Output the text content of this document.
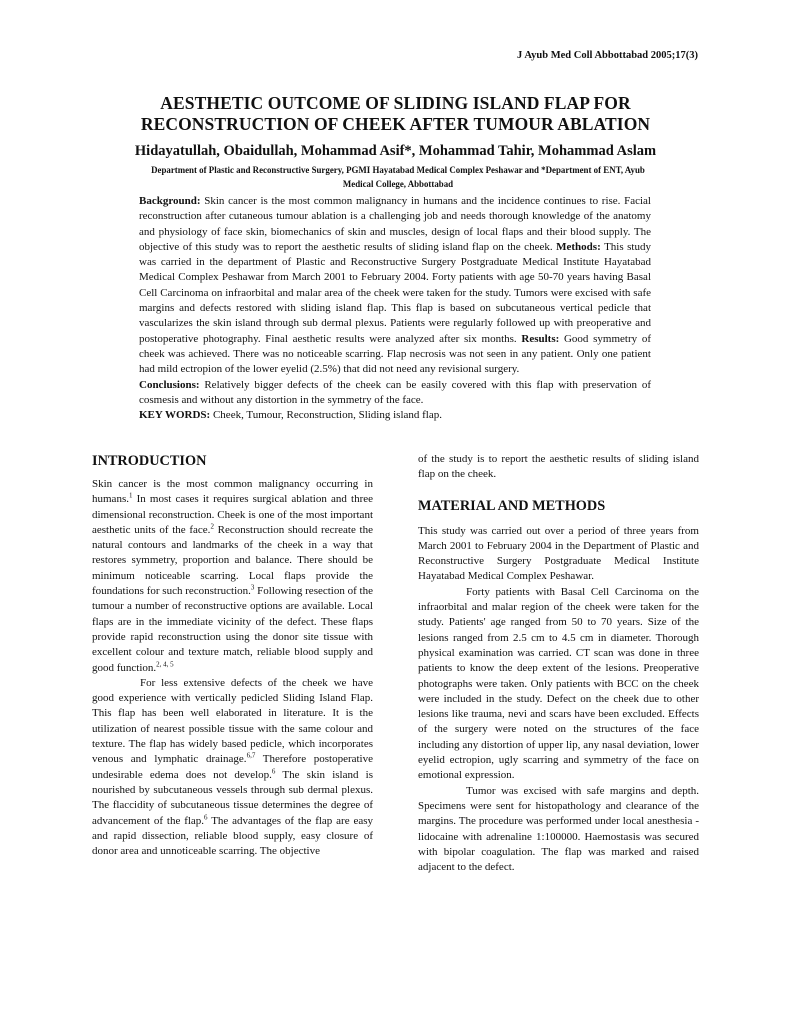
J Ayub Med Coll Abbottabad 2005;17(3)
AESTHETIC OUTCOME OF SLIDING ISLAND FLAP FOR
RECONSTRUCTION OF CHEEK AFTER TUMOUR ABLATION
Hidayatullah, Obaidullah, Mohammad Asif*, Mohammad Tahir, Mohammad Aslam
Department of Plastic and Reconstructive Surgery, PGMI Hayatabad Medical Complex Peshawar and *Department of ENT, Ayub
Medical College, Abbottabad
Background: Skin cancer is the most common malignancy in humans and the incidence continues to rise. Facial reconstruction after cutaneous tumour ablation is a challenging job and needs thorough knowledge of the anatomy and physiology of face skin, biomechanics of skin and muscles, design of local flaps and their blood supply. The objective of this study was to report the aesthetic results of sliding island flap on the cheek. Methods: This study was carried in the department of Plastic and Reconstructive Surgery Postgraduate Medical Institute Hayatabad Medical Complex Peshawar from March 2001 to February 2004. Forty patients with age 50-70 years having Basal Cell Carcinoma on infraorbital and malar area of the cheek were taken for the study. Tumors were excised with safe margins and defects restored with sliding island flap. This flap is based on subcutaneous vertical pedicle that vascularizes the skin island through sub dermal plexus. Patients were regularly followed up with preoperative and postoperative photography. Final aesthetic results were analyzed after six months. Results: Good symmetry of cheek was achieved. There was no noticeable scarring. Flap necrosis was not seen in any patient. Only one patient had mild ectropion of the lower eyelid (2.5%) that did not need any revisional surgery.
Conclusions: Relatively bigger defects of the cheek can be easily covered with this flap with preservation of cosmesis and without any distortion in the symmetry of the face.
KEY WORDS: Cheek, Tumour, Reconstruction, Sliding island flap.
INTRODUCTION

Skin cancer is the most common malignancy occurring in humans.$^1$ In most cases it requires surgical ablation and three dimensional reconstruction. Cheek is one of the most important aesthetic units of the face.$^2$ Reconstruction should recreate the natural contours and landmarks of the cheek in a way that restores symmetry, proportion and balance. There should be minimum noticeable scarring. Local flaps provide the foundations for such reconstruction.$^3$ Following resection of the tumour a number of reconstructive options are available. Local flaps are in the immediate vicinity of the defect. These flaps provide rapid reconstruction using the donor site tissue with excellent colour and texture match, reliable blood supply and good function.$^{2, 4, 5}$

For less extensive defects of the cheek we have good experience with vertically pedicled Sliding Island Flap. This flap has been well elaborated in literature. It is the utilization of nearest possible tissue with the same colour and texture. The flap has widely based pedicle, which incorporates venous and lymphatic drainage.$^{6,7}$ Therefore postoperative undesirable edema does not develop.$^6$ The skin island is nourished by subcutaneous vessels through sub dermal plexus. The flaccidity of subcutaneous tissue determines the degree of advancement of the flap.$^6$ The advantages of the flap are easy and rapid dissection, reliable blood supply, easy closure of donor area and unnoticeable scarring. The objective

of the study is to report the aesthetic results of sliding island flap on the cheek.

MATERIAL AND METHODS

This study was carried out over a period of three years from March 2001 to February 2004 in the Department of Plastic and Reconstructive Surgery Postgraduate Medical Institute Hayatabad Medical Complex Peshawar.

Forty patients with Basal Cell Carcinoma on the infraorbital and malar region of the cheek were taken for the study. Patients' age ranged from 50 to 70 years. Size of the lesions ranged from 2.5 cm to 4.5 cm in diameter. Thorough physical examination was carried. CT scan was done in three patients to know the deep extent of the lesions. Preoperative photographs were taken. Only patients with BCC on the cheek were included in the study. Defect on the cheek due to other lesions like trauma, nevi and scars have been excluded. Effects of the surgery were noted on the structures of the face including any distortion of upper lip, any nasal deviation, lower eyelid ectropion, ugly scarring and symmetry of the face on emotional expression.

Tumor was excised with safe margins and depth. Specimens were sent for histopathology and clearance of the margins. The procedure was performed under local anesthesia - lidocaine with adrenaline 1:100000. Haemostasis was secured with bipolar coagulation. The flap was marked and raised adjacent to the defect.
